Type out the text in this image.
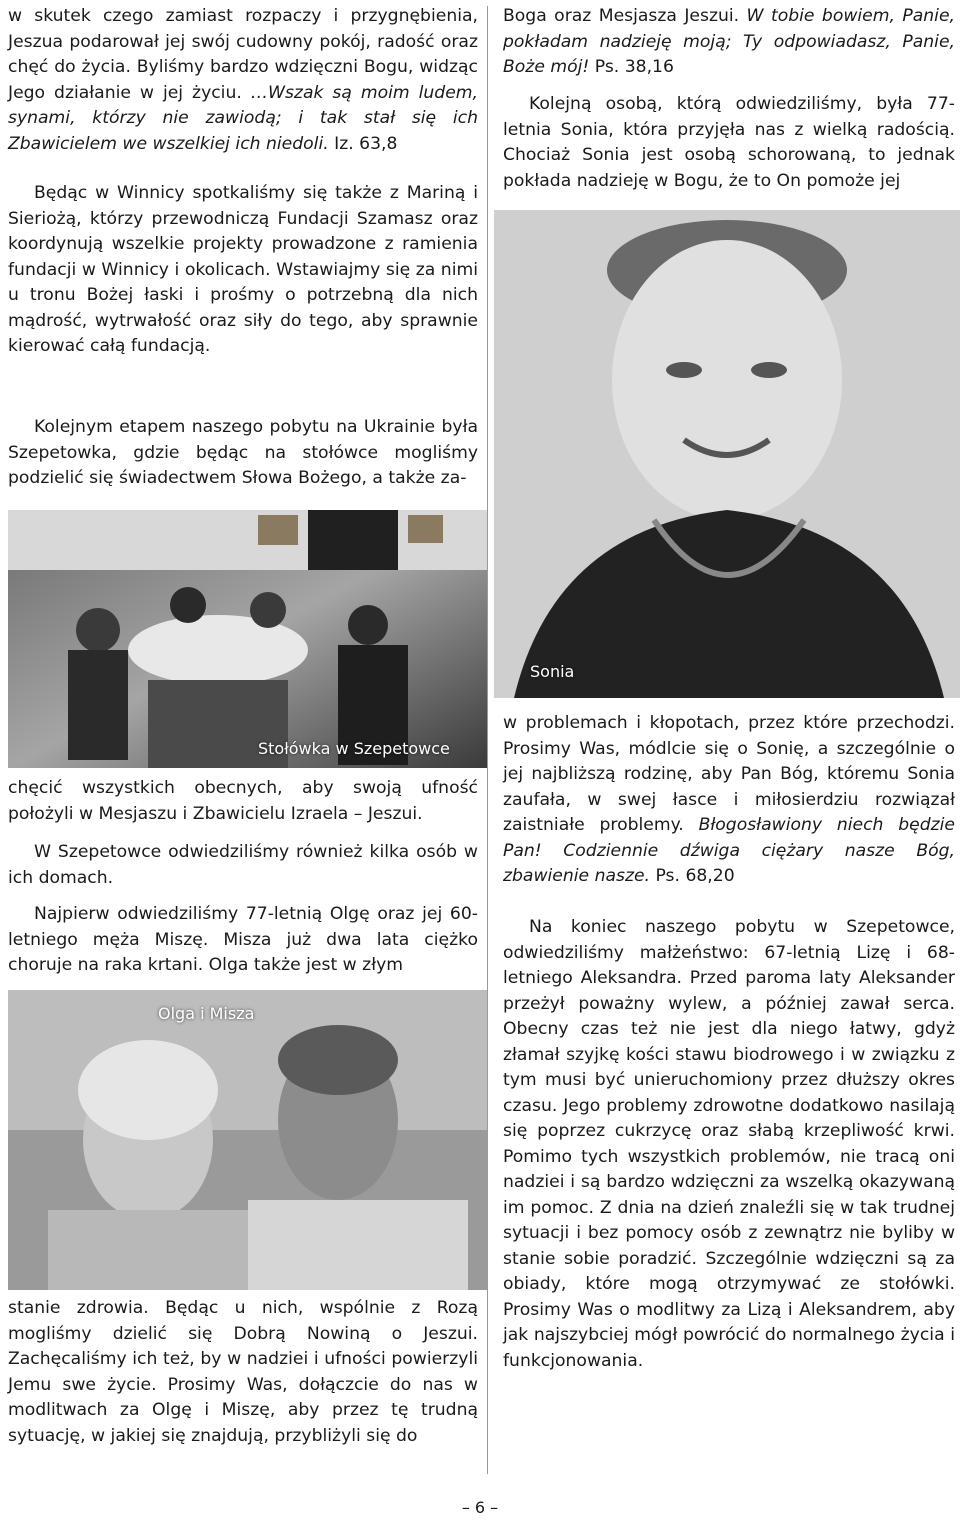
w skutek czego zamiast rozpaczy i przygnębienia, Jeszua podarował jej swój cudowny pokój, radość oraz chęć do życia. Byliśmy bardzo wdzięczni Bogu, widząc Jego działanie w jej życiu. …Wszak są moim ludem, synami, którzy nie zawiodą; i tak stał się ich Zbawicielem we wszelkiej ich niedoli. Iz. 63,8

Będąc w Winnicy spotkaliśmy się także z Mariną i Sieriożą, którzy przewodniczą Fundacji Szamasz oraz koordynują wszelkie projekty prowadzone z ramienia fundacji w Winnicy i okolicach. Wstawiajmy się za nimi u tronu Bożej łaski i prośmy o potrzebną dla nich mądrość, wytrwałość oraz siły do tego, aby sprawnie kierować całą fundacją.

Kolejnym etapem naszego pobytu na Ukrainie była Szepetowka, gdzie będąc na stołówce mogliśmy podzielić się świadectwem Słowa Bożego, a także za-

Stołówka w Szepetowce

chęcić wszystkich obecnych, aby swoją ufność położyli w Mesjaszu i Zbawicielu Izraela – Jeszui.

W Szepetowce odwiedziliśmy również kilka osób w ich domach.

Najpierw odwiedziliśmy 77-letnią Olgę oraz jej 60-letniego męża Miszę. Misza już dwa lata ciężko choruje na raka krtani. Olga także jest w złym

Olga i Misza

stanie zdrowia. Będąc u nich, wspólnie z Rozą mogliśmy dzielić się Dobrą Nowiną o Jeszui. Zachęcaliśmy ich też, by w nadziei i ufności powierzyli Jemu swe życie. Prosimy Was, dołączcie do nas w modlitwach za Olgę i Miszę, aby przez tę trudną sytuację, w jakiej się znajdują, przybliżyli się do

Boga oraz Mesjasza Jeszui. W tobie bowiem, Panie, pokładam nadzieję moją; Ty odpowiadasz, Panie, Boże mój! Ps. 38,16

Kolejną osobą, którą odwiedziliśmy, była 77-letnia Sonia, która przyjęła nas z wielką radością. Chociaż Sonia jest osobą schorowaną, to jednak pokłada nadzieję w Bogu, że to On pomoże jej

Sonia

w problemach i kłopotach, przez które przechodzi. Prosimy Was, módlcie się o Sonię, a szczególnie o jej najbliższą rodzinę, aby Pan Bóg, któremu Sonia zaufała, w swej łasce i miłosierdziu rozwiązał zaistniałe problemy. Błogosławiony niech będzie Pan! Codziennie dźwiga ciężary nasze Bóg, zbawienie nasze. Ps. 68,20

Na koniec naszego pobytu w Szepetowce, odwiedziliśmy małżeństwo: 67-letnią Lizę i 68-letniego Aleksandra. Przed paroma laty Aleksander przeżył poważny wylew, a później zawał serca. Obecny czas też nie jest dla niego łatwy, gdyż złamał szyjkę kości stawu biodrowego i w związku z tym musi być unieruchomiony przez dłuższy okres czasu. Jego problemy zdrowotne dodatkowo nasilają się poprzez cukrzycę oraz słabą krzepliwość krwi. Pomimo tych wszystkich problemów, nie tracą oni nadziei i są bardzo wdzięczni za wszelką okazywaną im pomoc. Z dnia na dzień znaleźli się w tak trudnej sytuacji i bez pomocy osób z zewnątrz nie byliby w stanie sobie poradzić. Szczególnie wdzięczni są za obiady, które mogą otrzymywać ze stołówki. Prosimy Was o modlitwy za Lizą i Aleksandrem, aby jak najszybciej mógł powrócić do normalnego życia i funkcjonowania.

– 6 –
